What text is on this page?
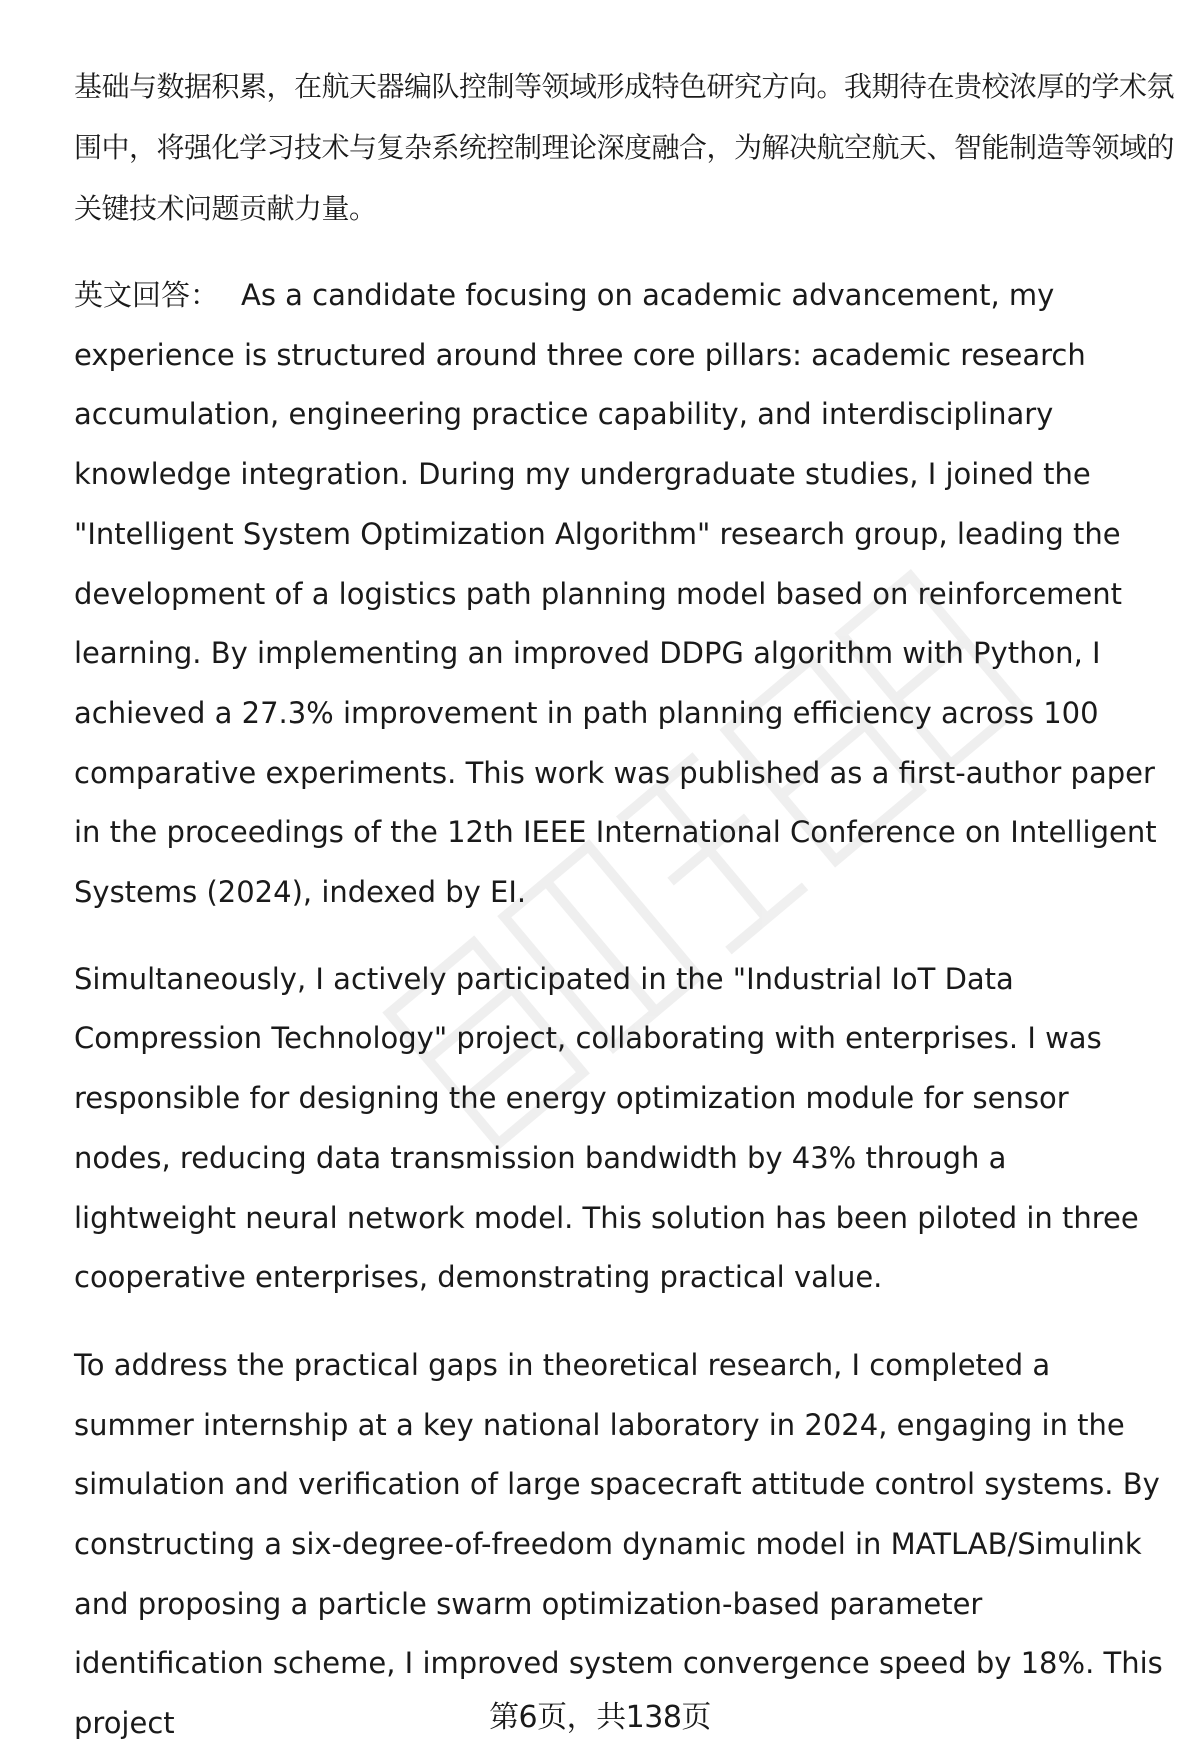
基础与数据积累，在航天器编队控制等领域形成特色研究方向。我期待在贵校浓厚的学术氛围中，将强化学习技术与复杂系统控制理论深度融合，为解决航空航天、智能制造等领域的关键技术问题贡献力量。

英文回答： As a candidate focusing on academic advancement, my experience is structured around three core pillars: academic research accumulation, engineering practice capability, and interdisciplinary knowledge integration. During my undergraduate studies, I joined the "Intelligent System Optimization Algorithm" research group, leading the development of a logistics path planning model based on reinforcement learning. By implementing an improved DDPG algorithm with Python, I achieved a 27.3% improvement in path planning efficiency across 100 comparative experiments. This work was published as a first-author paper in the proceedings of the 12th IEEE International Conference on Intelligent Systems (2024), indexed by EI.

Simultaneously, I actively participated in the "Industrial IoT Data Compression Technology" project, collaborating with enterprises. I was responsible for designing the energy optimization module for sensor nodes, reducing data transmission bandwidth by 43% through a lightweight neural network model. This solution has been piloted in three cooperative enterprises, demonstrating practical value.

To address the practical gaps in theoretical research, I completed a summer internship at a key national laboratory in 2024, engaging in the simulation and verification of large spacecraft attitude control systems. By constructing a six-degree-of-freedom dynamic model in MATLAB/Simulink and proposing a particle swarm optimization-based parameter identification scheme, I improved system convergence speed by 18%. This project	第6页，共138页
